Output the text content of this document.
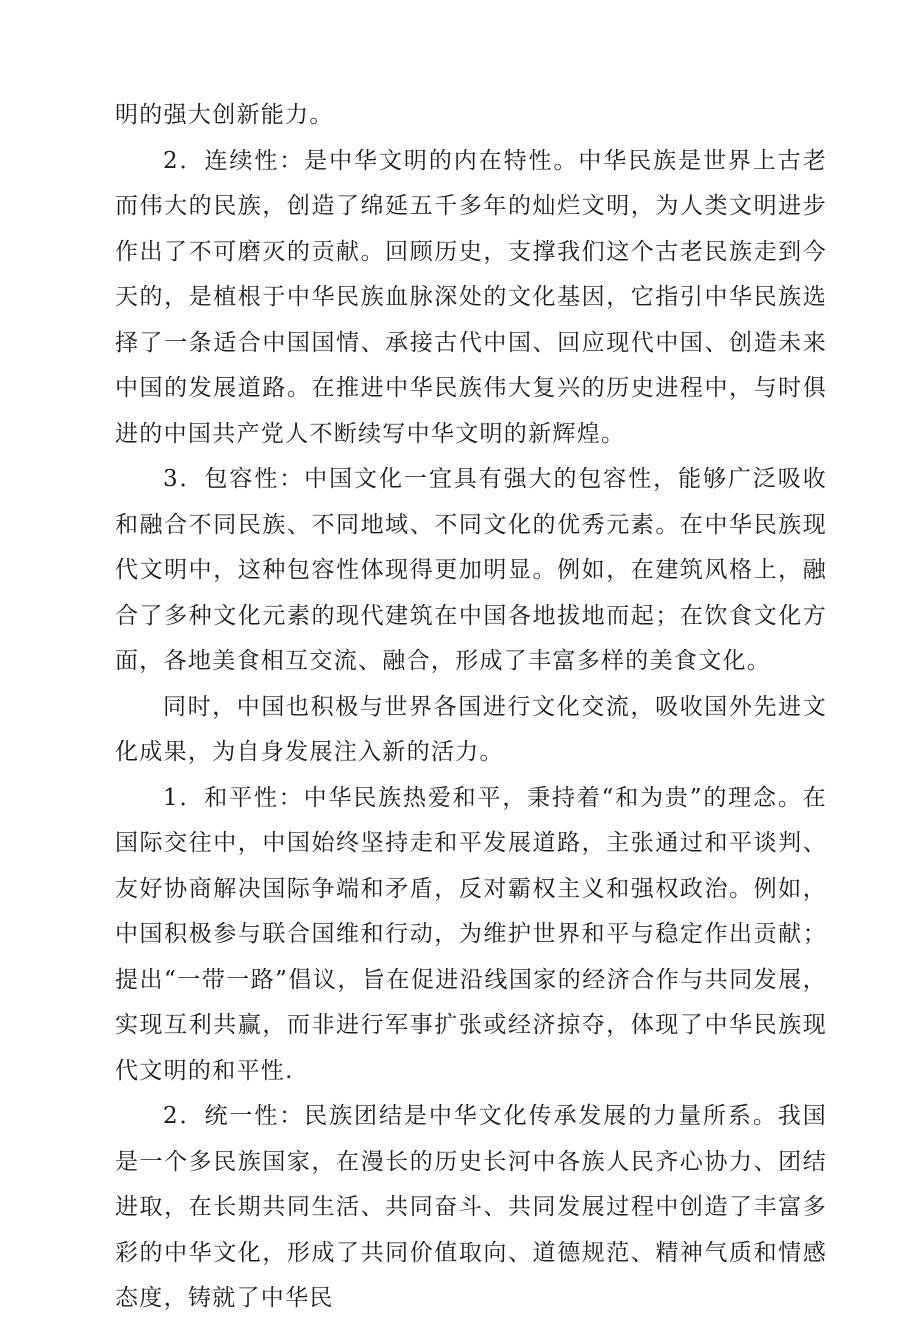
明的强大创新能力。

2．连续性：是中华文明的内在特性。中华民族是世界上古老而伟大的民族，创造了绵延五千多年的灿烂文明，为人类文明进步作出了不可磨灭的贡献。回顾历史，支撑我们这个古老民族走到今天的，是植根于中华民族血脉深处的文化基因，它指引中华民族选择了一条适合中国国情、承接古代中国、回应现代中国、创造未来中国的发展道路。在推进中华民族伟大复兴的历史进程中，与时俱进的中国共产党人不断续写中华文明的新辉煌。

3．包容性：中国文化一宜具有强大的包容性，能够广泛吸收和融合不同民族、不同地域、不同文化的优秀元素。在中华民族现代文明中，这种包容性体现得更加明显。例如，在建筑风格上，融合了多种文化元素的现代建筑在中国各地拔地而起；在饮食文化方面，各地美食相互交流、融合，形成了丰富多样的美食文化。

同时，中国也积极与世界各国进行文化交流，吸收国外先进文化成果，为自身发展注入新的活力。

1．和平性：中华民族热爱和平，秉持着“和为贵”的理念。在国际交往中，中国始终坚持走和平发展道路，主张通过和平谈判、友好协商解决国际争端和矛盾，反对霸权主义和强权政治。例如，中国积极参与联合国维和行动，为维护世界和平与稳定作出贡献；提出“一带一路”倡议，旨在促进沿线国家的经济合作与共同发展，实现互利共赢，而非进行军事扩张或经济掠夺，体现了中华民族现代文明的和平性.

2．统一性：民族团结是中华文化传承发展的力量所系。我国是一个多民族国家，在漫长的历史长河中各族人民齐心协力、团结进取，在长期共同生活、共同奋斗、共同发展过程中创造了丰富多彩的中华文化，形成了共同价值取向、道德规范、精神气质和情感态度，铸就了中华民
